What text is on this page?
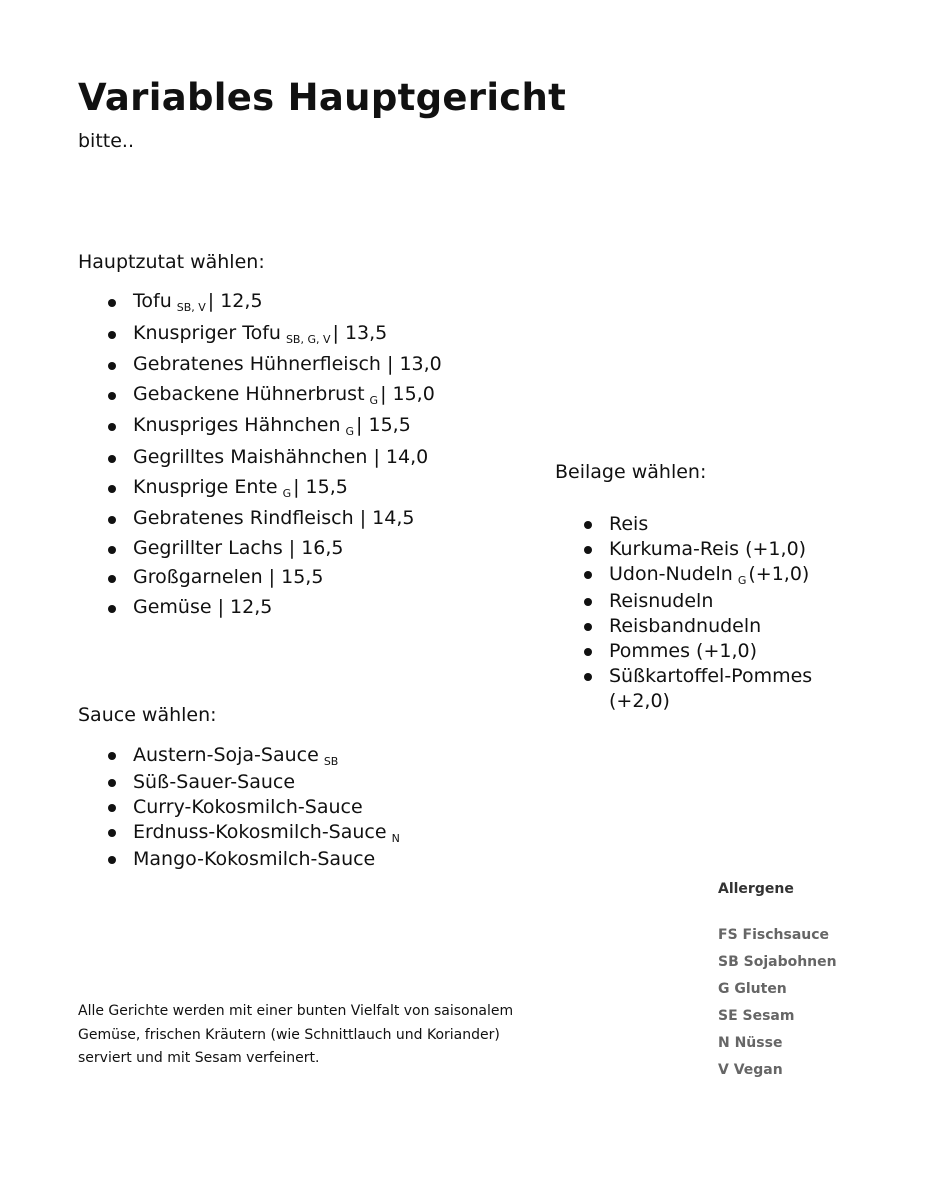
Variables Hauptgericht
bitte..
Hauptzutat wählen:
Tofu $_{SB, V}$ | 12,5
Knuspriger Tofu $_{SB, G, V}$ | 13,5
Gebratenes Hühnerfleisch | 13,0
Gebackene Hühnerbrust $_G$ | 15,0
Knuspriges Hähnchen $_G$ | 15,5
Gegrilltes Maishähnchen | 14,0
Knusprige Ente $_G$ | 15,5
Gebratenes Rindfleisch | 14,5
Gegrillter Lachs | 16,5
Großgarnelen | 15,5
Gemüse | 12,5
Beilage wählen:
Reis
Kurkuma-Reis (+1,0)
Udon-Nudeln $_G$ (+1,0)
Reisnudeln
Reisbandnudeln
Pommes (+1,0)
Süßkartoffel-Pommes (+2,0)
Sauce wählen:
Austern-Soja-Sauce $_{SB}$
Süß-Sauer-Sauce
Curry-Kokosmilch-Sauce
Erdnuss-Kokosmilch-Sauce $_N$
Mango-Kokosmilch-Sauce
Alle Gerichte werden mit einer bunten Vielfalt von saisonalem Gemüse, frischen Kräutern (wie Schnittlauch und Koriander) serviert und mit Sesam verfeinert.
Allergene
FS Fischsauce
SB Sojabohnen
G Gluten
SE Sesam
N Nüsse
V Vegan
